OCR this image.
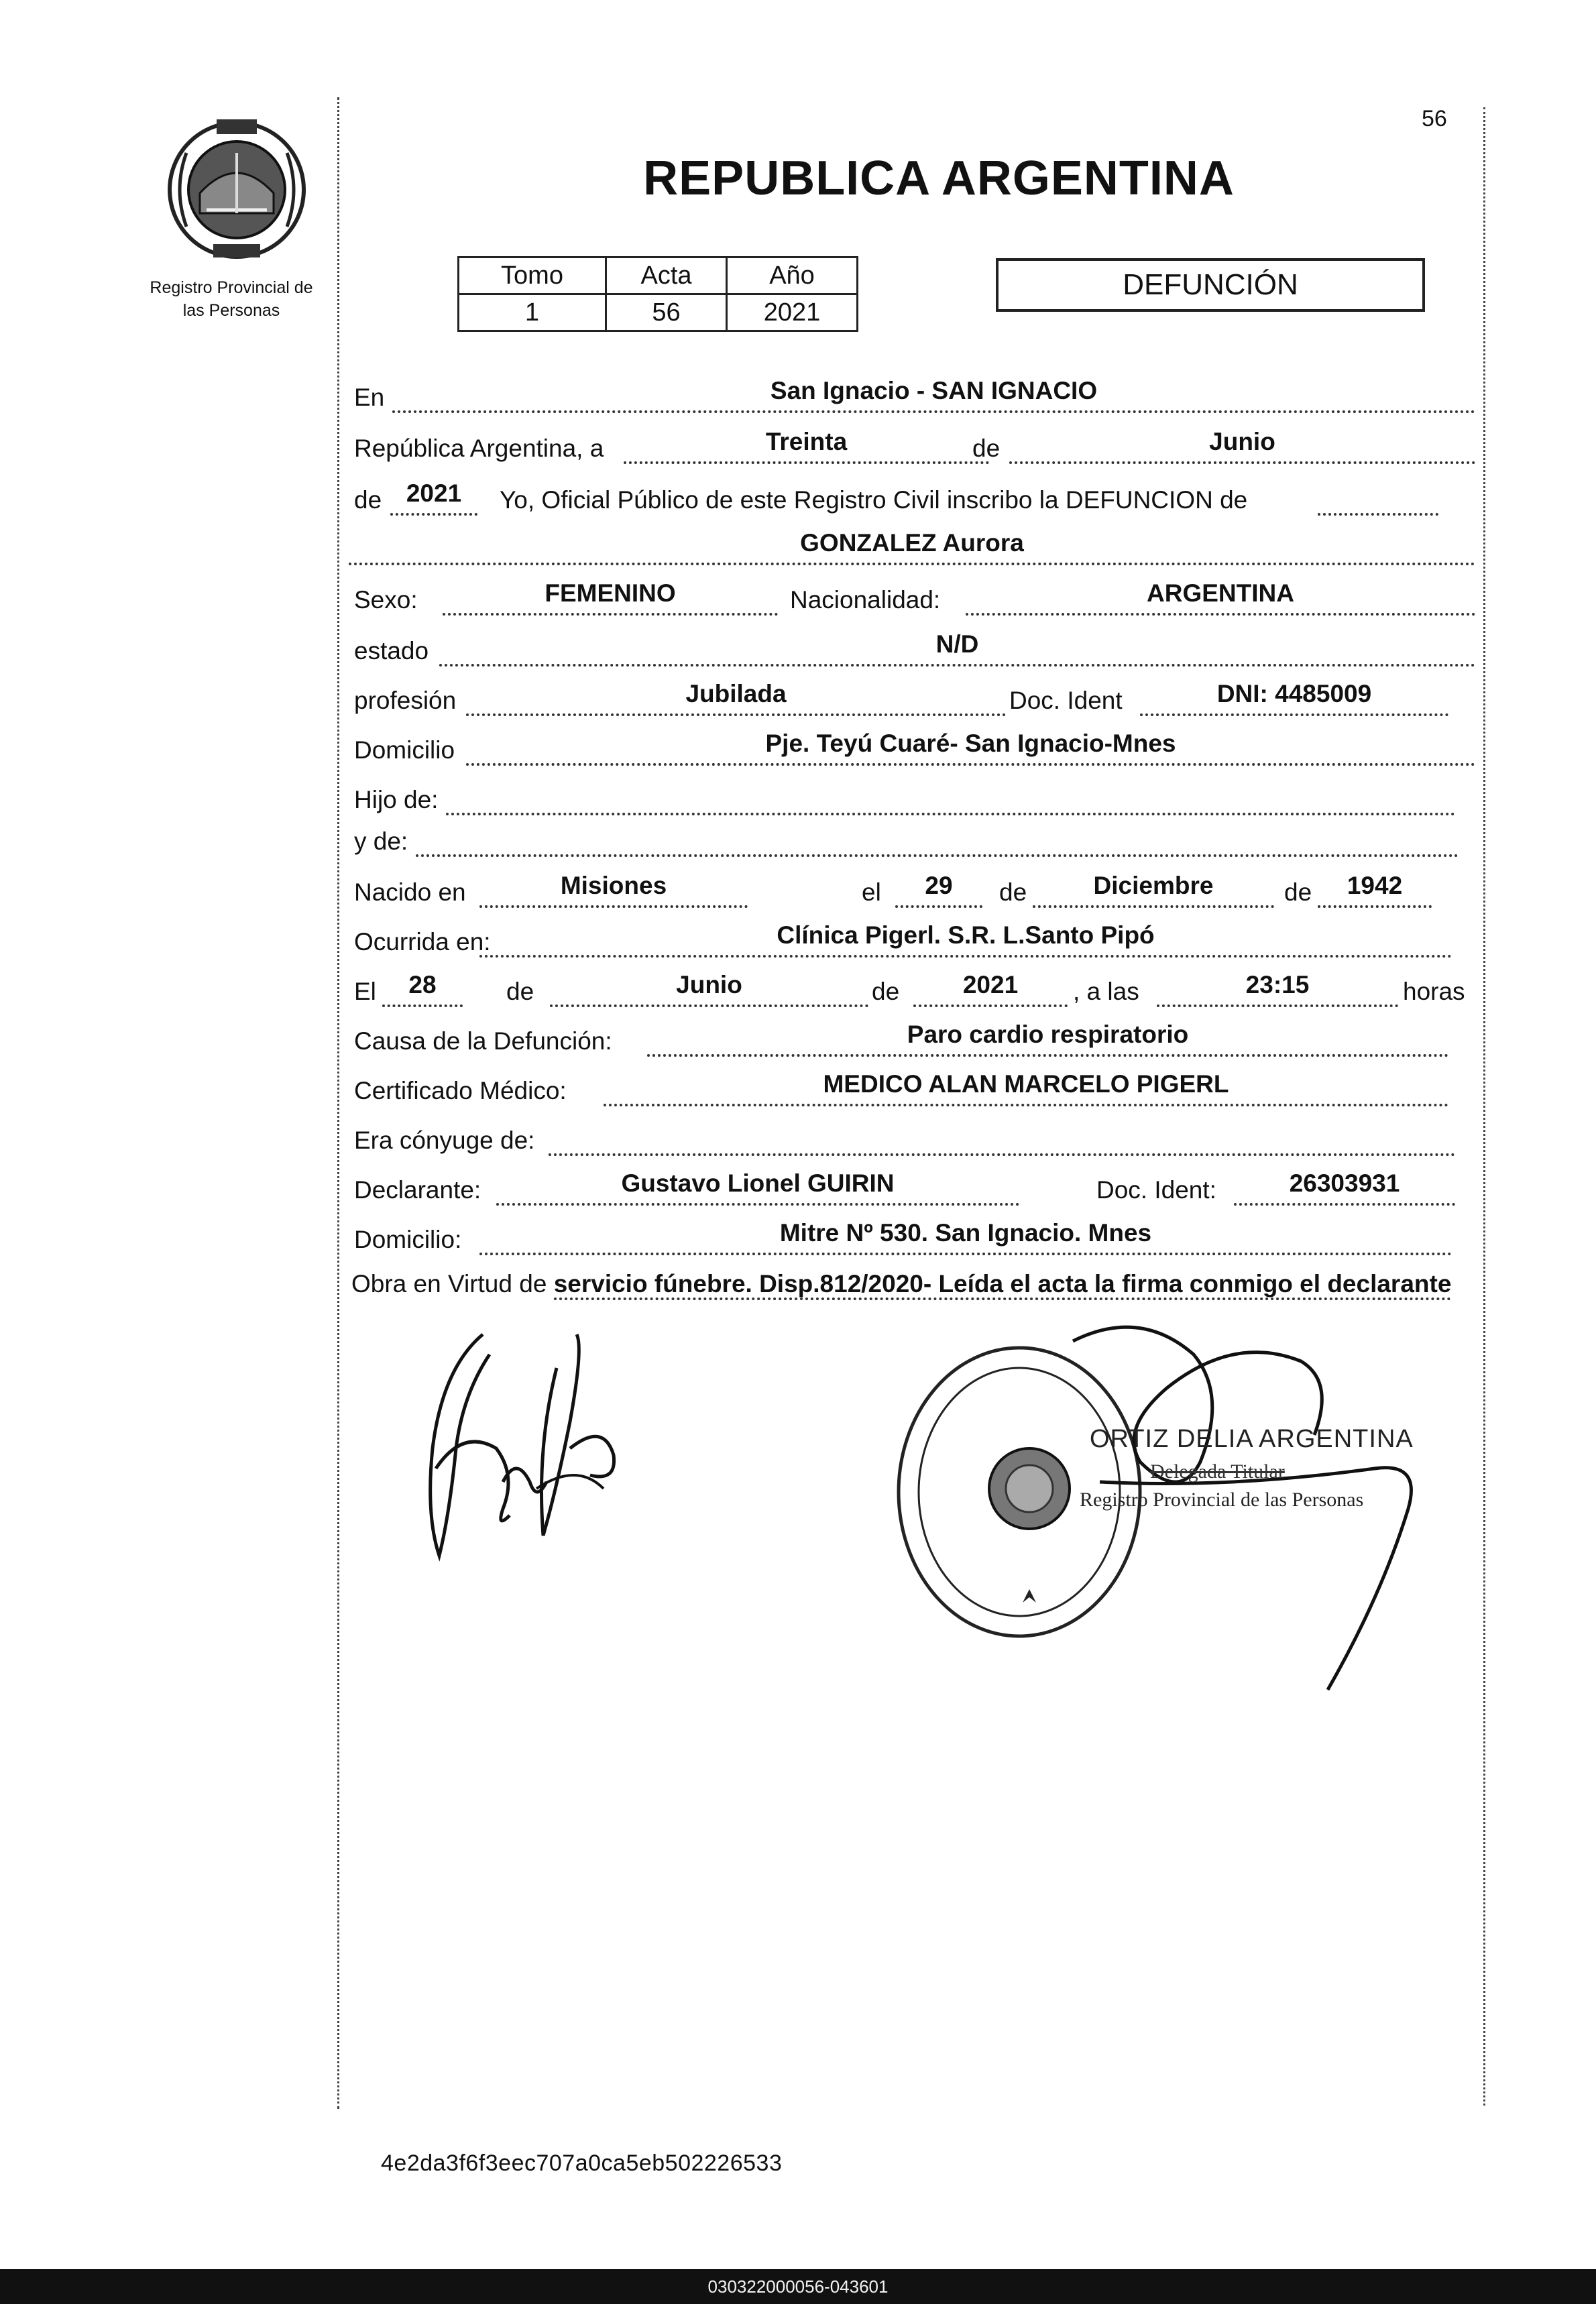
Registro Provincial de
las Personas
56
REPUBLICA ARGENTINA
Tomo	Acta	Año
1	56	2021
DEFUNCIÓN
En	San Ignacio - SAN IGNACIO
República Argentina, a	Treinta	de	Junio
de 2021	Yo, Oficial Público de este Registro Civil inscribo la DEFUNCION de
GONZALEZ Aurora
Sexo:	FEMENINO	Nacionalidad:	ARGENTINA
estado	N/D
profesión	Jubilada	Doc. Ident	DNI: 4485009
Domicilio	Pje. Teyú Cuaré- San Ignacio-Mnes
Hijo de:
y de:
Nacido en	Misiones	el	29	de	Diciembre	de	1942
Ocurrida en:	Clínica Pigerl. S.R. L.Santo Pipó
El	28	de	Junio	de	2021	, a las	23:15	horas
Causa de la Defunción:	Paro cardio respiratorio
Certificado Médico:	MEDICO ALAN MARCELO PIGERL
Era cónyuge de:
Declarante:	Gustavo Lionel GUIRIN	Doc. Ident:	26303931
Domicilio:	Mitre Nº 530. San Ignacio. Mnes
Obra en Virtud de servicio fúnebre. Disp.812/2020- Leída el acta la firma conmigo el declarante
ORTIZ DELIA ARGENTINA
Delegada Titular
Registro Provincial de las Personas
4e2da3f6f3eec707a0ca5eb502226533
030322000056-043601
